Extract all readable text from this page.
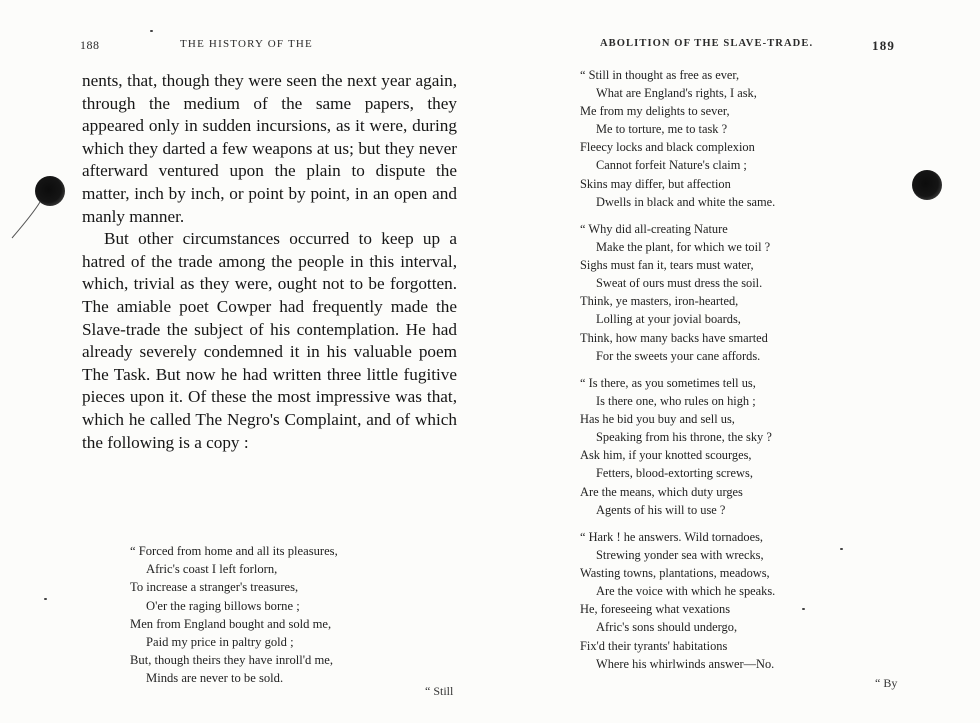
188	THE HISTORY OF THE

nents, that, though they were seen the next year again, through the medium of the same papers, they appeared only in sudden incursions, as it were, during which they darted a few weapons at us; but they never afterward ventured upon the plain to dispute the matter, inch by inch, or point by point, in an open and manly manner.

But other circumstances occurred to keep up a hatred of the trade among the people in this interval, which, trivial as they were, ought not to be forgotten. The amiable poet Cowper had frequently made the Slave-trade the subject of his contemplation. He had already severely condemned it in his valuable poem The Task. But now he had written three little fugitive pieces upon it. Of these the most impressive was that, which he called The Negro's Complaint, and of which the following is a copy :

“ Forced from home and all its pleasures,
Afric's coast I left forlorn,
To increase a stranger's treasures,
O'er the raging billows borne ;
Men from England bought and sold me,
Paid my price in paltry gold ;
But, though theirs they have inroll'd me,
Minds are never to be sold.
“ Still
ABOLITION OF THE SLAVE-TRADE.	189
“ Still in thought as free as ever,
What are England's rights, I ask,
Me from my delights to sever,
Me to torture, me to task ?
Fleecy locks and black complexion
Cannot forfeit Nature's claim ;
Skins may differ, but affection
Dwells in black and white the same.
“ Why did all-creating Nature
Make the plant, for which we toil ?
Sighs must fan it, tears must water,
Sweat of ours must dress the soil.
Think, ye masters, iron-hearted,
Lolling at your jovial boards,
Think, how many backs have smarted
For the sweets your cane affords.
“ Is there, as you sometimes tell us,
Is there one, who rules on high ;
Has he bid you buy and sell us,
Speaking from his throne, the sky ?
Ask him, if your knotted scourges,
Fetters, blood-extorting screws,
Are the means, which duty urges
Agents of his will to use ?
“ Hark ! he answers. Wild tornadoes,
Strewing yonder sea with wrecks,
Wasting towns, plantations, meadows,
Are the voice with which he speaks.
He, foreseeing what vexations
Afric's sons should undergo,
Fix'd their tyrants' habitations
Where his whirlwinds answer—No.
“ By
